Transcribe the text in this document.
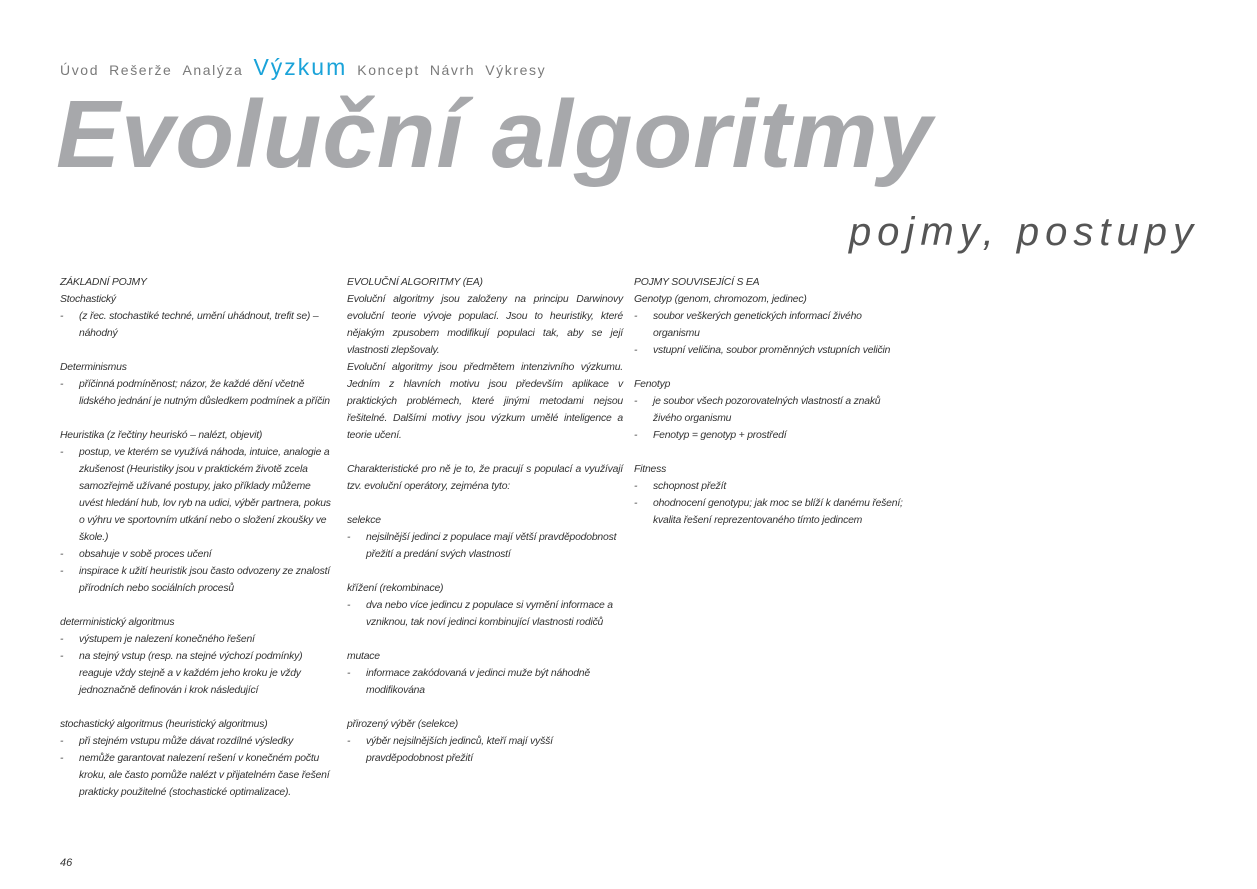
Úvod Rešerže Analýza Výzkum Koncept Návrh Výkresy
Evoluční algoritmy
pojmy, postupy
ZÁKLADNÍ POJMY
Stochastický
- (z řec. stochastiké techné, umění uhádnout, trefit se) – náhodný
Determinismus
- příčinná podmíněnost; názor, že každé dění včetně lidského jednání je nutným důsledkem podmínek a příčin
Heuristika (z řečtiny heuriskó – nalézt, objevit)
- postup, ve kterém se využívá náhoda, intuice, analogie a zkušenost (Heuristiky jsou v praktickém životě zcela samozřejmě užívané postupy, jako příklady můžeme uvést hledání hub, lov ryb na udici, výběr partnera, pokus o výhru ve sportovním utkání nebo o složení zkoušky ve škole.)
- obsahuje v sobě proces učení
- inspirace k užití heuristik jsou často odvozeny ze znalostí přírodních nebo sociálních procesů
deterministický algoritmus
- výstupem je nalezení konečného řešení
- na stejný vstup (resp. na stejné výchozí podmínky) reaguje vždy stejně a v každém jeho kroku je vždy jednoznačně definován i krok následující
stochastický algoritmus (heuristický algoritmus)
- při stejném vstupu může dávat rozdílné výsledky
- nemůže garantovat nalezení rešení v konečném počtu kroku, ale často pomůže nalézt v přijatelném čase řešení prakticky použitelné (stochastické optimalizace).
EVOLUČNÍ ALGORITMY (EA)
Evoluční algoritmy jsou založeny na principu Darwinovy evoluční teorie vývoje populací. Jsou to heuristiky, které nějakým zpusobem modifikují populaci tak, aby se její vlastnosti zlepšovaly.
Evoluční algoritmy jsou předmětem intenzivního výzkumu. Jedním z hlavních motivu jsou především aplikace v praktických problémech, které jinými metodami nejsou řešitelné. Dalšími motivy jsou výzkum umělé inteligence a teorie učení.
Charakteristické pro ně je to, že pracují s populací a využívají tzv. evoluční operátory, zejména tyto:
selekce
- nejsilnější jedinci z populace mají větší pravděpodobnost přežití a predání svých vlastností
křížení (rekombinace)
- dva nebo více jedincu z populace si vymění informace a vzniknou, tak noví jedinci kombinující vlastnosti rodičů
mutace
- informace zakódovaná v jedinci muže být náhodně modifikována
přirozený výběr (selekce)
- výběr nejsilnějších jedinců, kteří mají vyšší pravděpodobnost přežití
POJMY SOUVISEJÍCÍ S EA
Genotyp (genom, chromozom, jedinec)
- soubor veškerých genetických informací živého organismu
- vstupní veličina, soubor proměnných vstupních veličin
Fenotyp
- je soubor všech pozorovatelných vlastností a znaků živého organismu
- Fenotyp = genotyp + prostředí
Fitness
- schopnost přežít
- ohodnocení genotypu; jak moc se blíží k danému řešení; kvalita řešení reprezentovaného tímto jedincem
46
